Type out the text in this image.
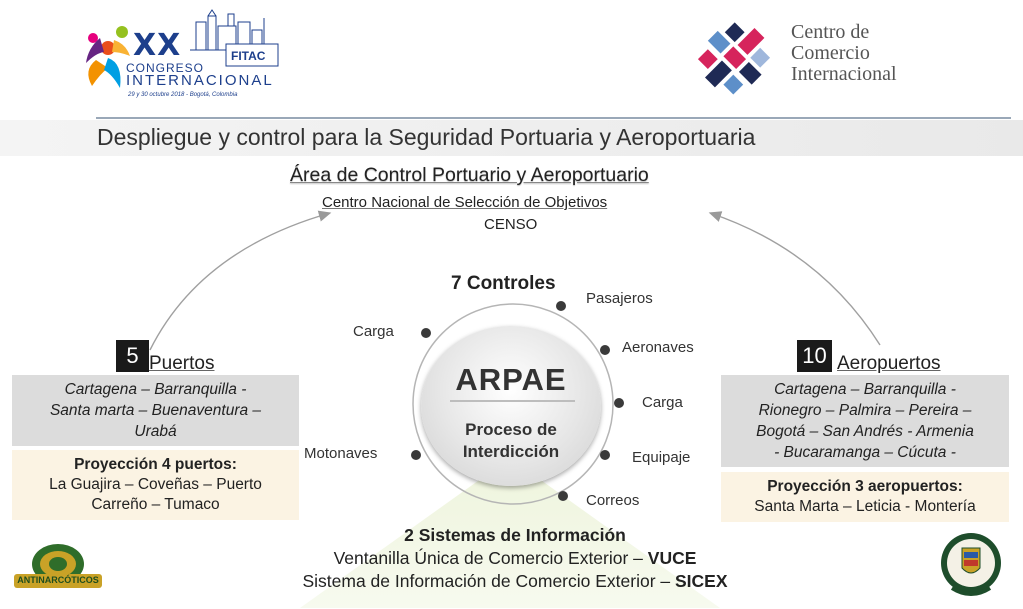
XX	FITAC
CONGRESO
INTERNACIONAL
29 y 30 octubre 2018 - Bogotá, Colombia
Centro de
Comercio
Internacional
Despliegue y control para la Seguridad Portuaria y Aeroportuaria
Área de Control Portuario y Aeroportuario
Centro Nacional de Selección de Objetivos
CENSO
ARPAE
Proceso de
Interdicción
7 Controles
Pasajeros
Aeronaves
Carga
Equipaje
Correos
Carga
Motonaves
5 Puertos
Cartagena – Barranquilla -
Santa marta – Buenaventura –
Urabá
Proyección 4 puertos:
La Guajira – Coveñas – Puerto
Carreño – Tumaco
10 Aeropuertos
Cartagena – Barranquilla -
Rionegro – Palmira – Pereira –
Bogotá – San Andrés - Armenia
- Bucaramanga – Cúcuta -
Proyección 3 aeropuertos:
Santa Marta – Leticia - Montería
2 Sistemas de Información
Ventanilla Única de Comercio Exterior – VUCE
Sistema de Información de Comercio Exterior – SICEX
ANTINARCÓTICOS
